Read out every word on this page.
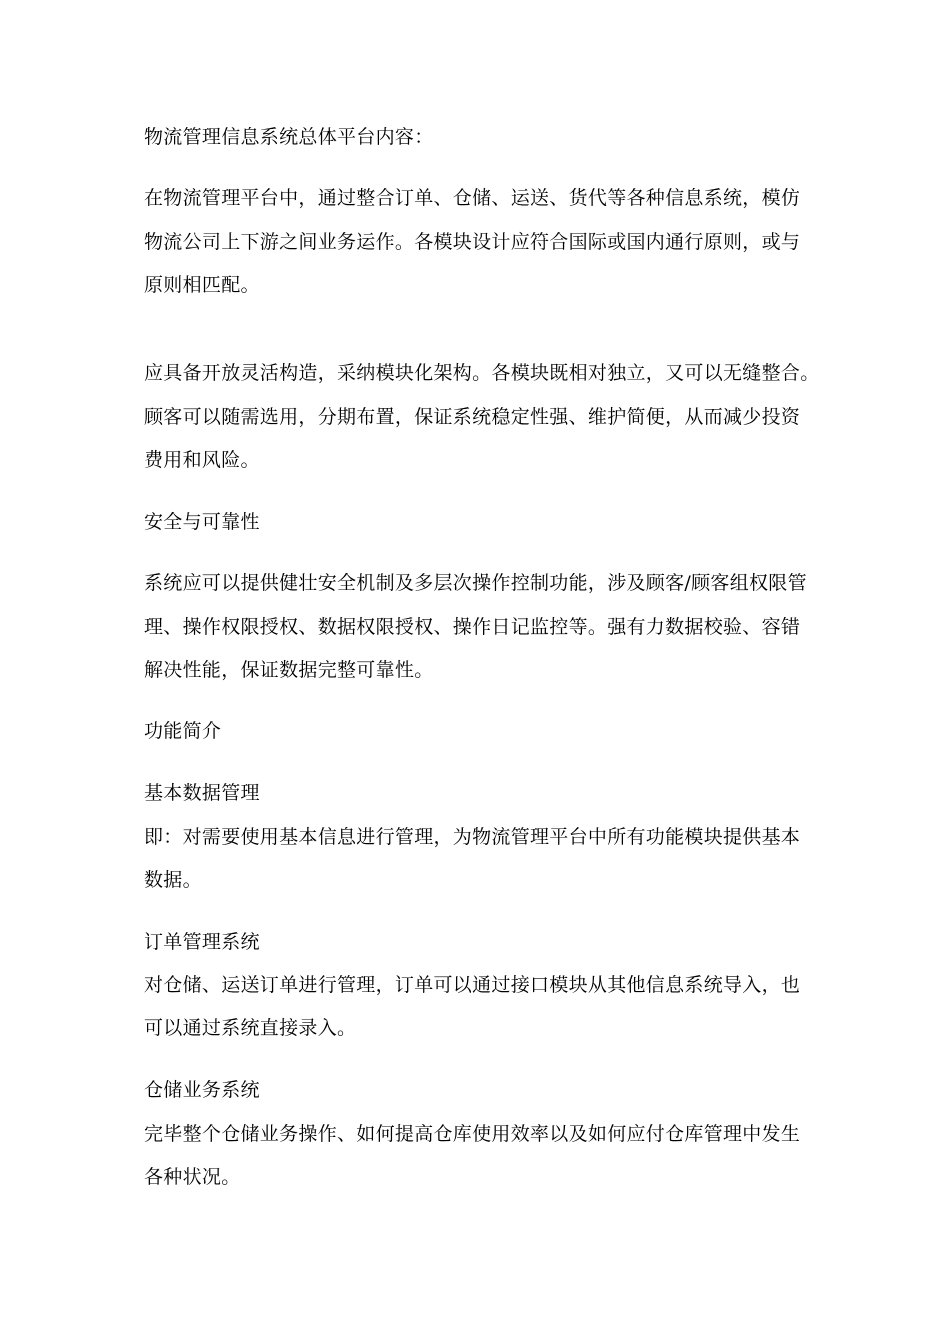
物流管理信息系统总体平台内容：
在物流管理平台中，通过整合订单、仓储、运送、货代等各种信息系统，模仿
物流公司上下游之间业务运作。各模块设计应符合国际或国内通行原则，或与
原则相匹配。
应具备开放灵活构造，采纳模块化架构。各模块既相对独立，又可以无缝整合。
顾客可以随需选用，分期布置，保证系统稳定性强、维护简便，从而减少投资
费用和风险。
安全与可靠性
系统应可以提供健壮安全机制及多层次操作控制功能，涉及顾客/顾客组权限管
理、操作权限授权、数据权限授权、操作日记监控等。强有力数据校验、容错
解决性能，保证数据完整可靠性。
功能简介
基本数据管理
即：对需要使用基本信息进行管理，为物流管理平台中所有功能模块提供基本
数据。
订单管理系统
对仓储、运送订单进行管理，订单可以通过接口模块从其他信息系统导入，也
可以通过系统直接录入。
仓储业务系统
完毕整个仓储业务操作、如何提高仓库使用效率以及如何应付仓库管理中发生
各种状况。
